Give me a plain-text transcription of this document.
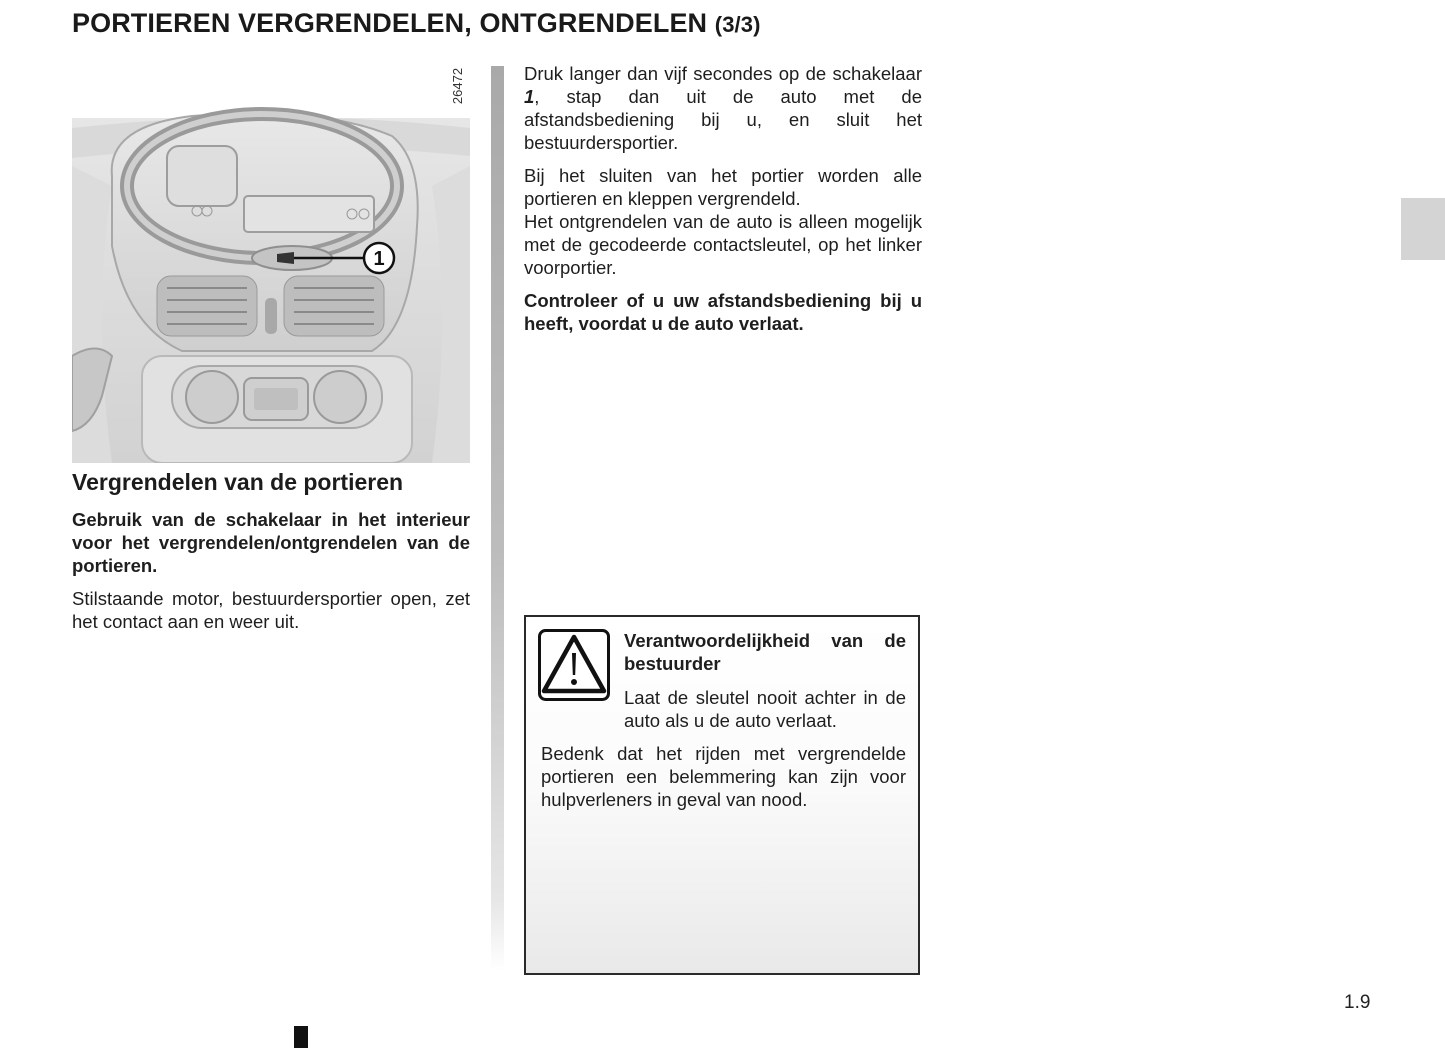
PORTIEREN VERGRENDELEN, ONTGRENDELEN (3/3)
1
26472
Vergrendelen van de portieren

Gebruik van de schakelaar in het interieur voor het vergrendelen/ontgrendelen van de portieren.

Stilstaande motor, bestuurdersportier open, zet het contact aan en weer uit.

Druk langer dan vijf secondes op de schakelaar 1, stap dan uit de auto met de afstandsbediening bij u, en sluit het bestuurdersportier.

Bij het sluiten van het portier worden alle portieren en kleppen vergrendeld.

Het ontgrendelen van de auto is alleen mogelijk met de gecodeerde contactsleutel, op het linker voorportier.

Controleer of u uw afstandsbediening bij u heeft, voordat u de auto verlaat.

Verantwoordelijkheid van de bestuurder

Laat de sleutel nooit achter in de auto als u de auto verlaat.

Bedenk dat het rijden met vergrendelde portieren een belemmering kan zijn voor hulpverleners in geval van nood.

1.9
